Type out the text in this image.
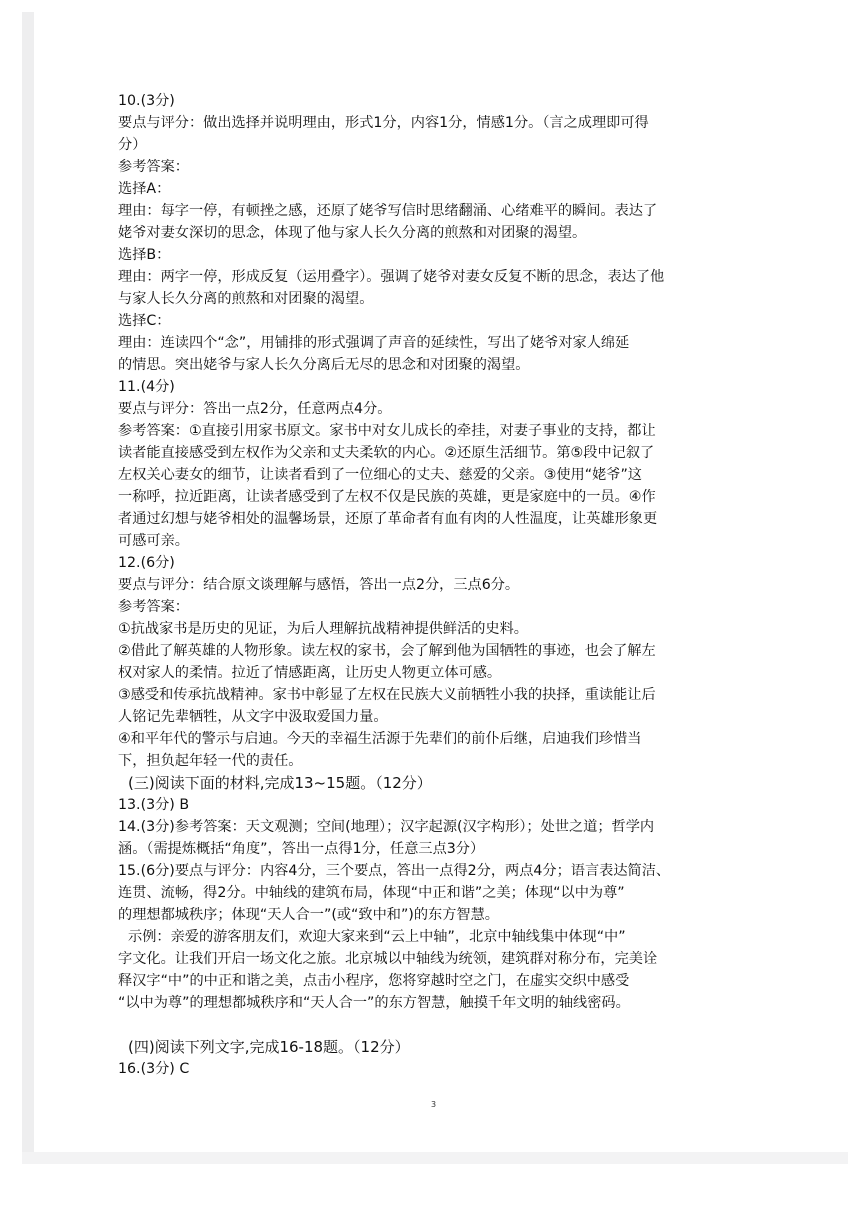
10.(3分)

要点与评分：做出选择并说明理由，形式1分，内容1分，情感1分。（言之成理即可得

分）

参考答案：

选择A：

理由：每字一停，有顿挫之感，还原了姥爷写信时思绪翻涌、心绪难平的瞬间。表达了

姥爷对妻女深切的思念，体现了他与家人长久分离的煎熬和对团聚的渴望。

选择B：

理由：两字一停，形成反复（运用叠字）。强调了姥爷对妻女反复不断的思念，表达了他

与家人长久分离的煎熬和对团聚的渴望。

选择C：

理由：连读四个“念”，用铺排的形式强调了声音的延续性，写出了姥爷对家人绵延

的情思。突出姥爷与家人长久分离后无尽的思念和对团聚的渴望。

11.(4分)

要点与评分：答出一点2分，任意两点4分。

参考答案：①直接引用家书原文。家书中对女儿成长的牵挂，对妻子事业的支持，都让

读者能直接感受到左权作为父亲和丈夫柔软的内心。②还原生活细节。第⑤段中记叙了

左权关心妻女的细节，让读者看到了一位细心的丈夫、慈爱的父亲。③使用“姥爷”这

一称呼，拉近距离，让读者感受到了左权不仅是民族的英雄，更是家庭中的一员。④作

者通过幻想与姥爷相处的温馨场景，还原了革命者有血有肉的人性温度，让英雄形象更

可感可亲。

12.(6分)

要点与评分：结合原文谈理解与感悟，答出一点2分，三点6分。

参考答案：

①抗战家书是历史的见证，为后人理解抗战精神提供鲜活的史料。

②借此了解英雄的人物形象。读左权的家书，会了解到他为国牺牲的事迹，也会了解左

权对家人的柔情。拉近了情感距离，让历史人物更立体可感。

③感受和传承抗战精神。家书中彰显了左权在民族大义前牺牲小我的抉择，重读能让后

人铭记先辈牺牲，从文字中汲取爱国力量。

④和平年代的警示与启迪。今天的幸福生活源于先辈们的前仆后继，启迪我们珍惜当

下，担负起年轻一代的责任。

(三)阅读下面的材料,完成13~15题。（12分）

13.(3分) B

14.(3分)参考答案：天文观测；空间(地理）；汉字起源(汉字构形）；处世之道；哲学内

涵。（需提炼概括“角度”，答出一点得1分，任意三点3分）

15.(6分)要点与评分：内容4分，三个要点，答出一点得2分，两点4分；语言表达简洁、

连贯、流畅，得2分。中轴线的建筑布局，体现“中正和谐”之美；体现“以中为尊”

的理想都城秩序；体现“天人合一”(或“致中和”)的东方智慧。

示例：亲爱的游客朋友们，欢迎大家来到“云上中轴”，北京中轴线集中体现“中”

字文化。让我们开启一场文化之旅。北京城以中轴线为统领，建筑群对称分布，完美诠

释汉字“中”的中正和谐之美，点击小程序，您将穿越时空之门，在虚实交织中感受

“以中为尊”的理想都城秩序和“天人合一”的东方智慧，触摸千年文明的轴线密码。

(四)阅读下列文字,完成16-18题。（12分）

16.(3分) C

3
